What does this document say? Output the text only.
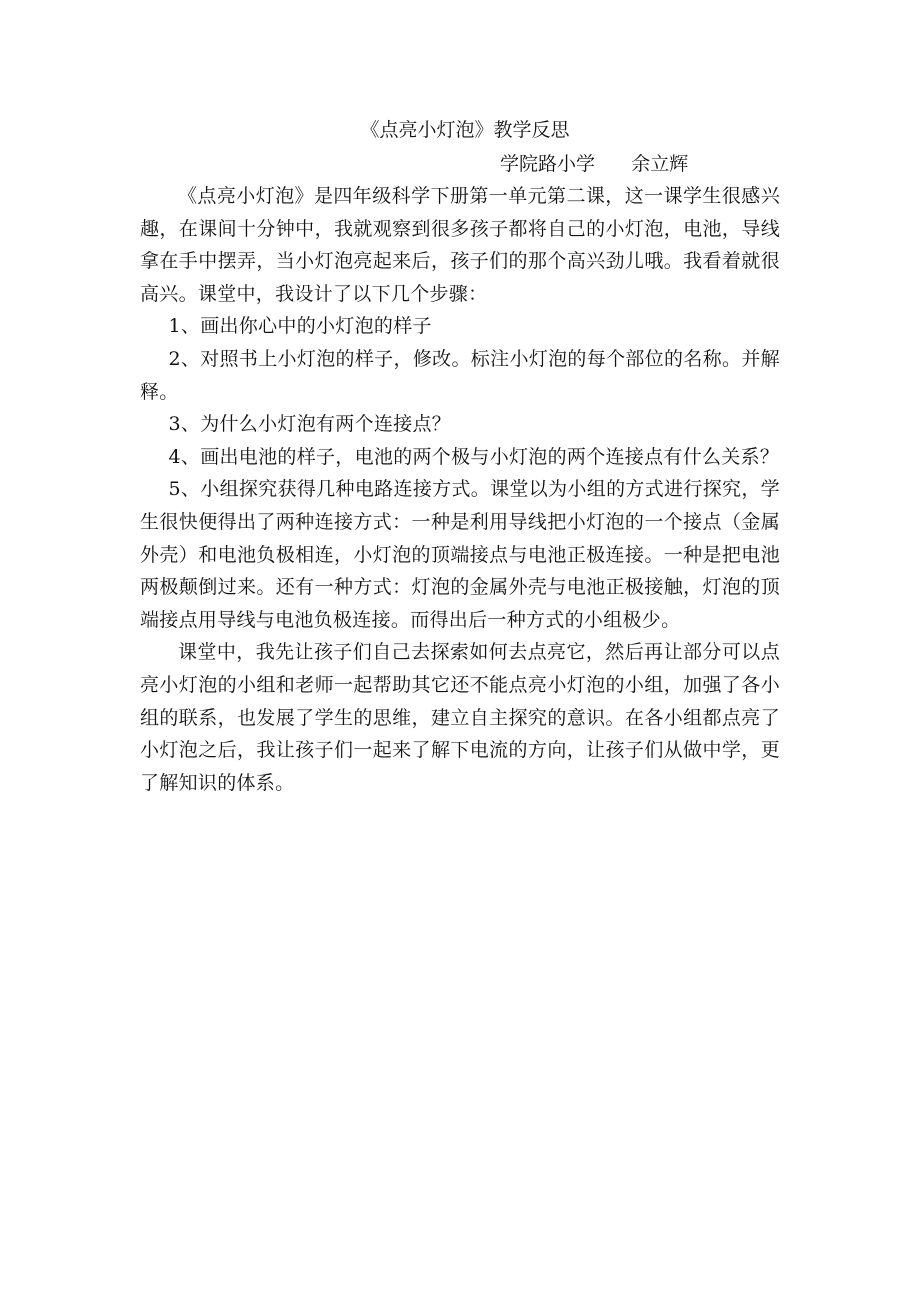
《点亮小灯泡》教学反思
学院路小学      余立辉

《点亮小灯泡》是四年级科学下册第一单元第二课，这一课学生很感兴趣，在课间十分钟中，我就观察到很多孩子都将自己的小灯泡，电池，导线拿在手中摆弄，当小灯泡亮起来后，孩子们的那个高兴劲儿哦。我看着就很高兴。课堂中，我设计了以下几个步骤：

1、画出你心中的小灯泡的样子

2、对照书上小灯泡的样子，修改。标注小灯泡的每个部位的名称。并解释。

3、为什么小灯泡有两个连接点？

4、画出电池的样子，电池的两个极与小灯泡的两个连接点有什么关系？

5、小组探究获得几种电路连接方式。课堂以为小组的方式进行探究，学生很快便得出了两种连接方式：一种是利用导线把小灯泡的一个接点（金属外壳）和电池负极相连，小灯泡的顶端接点与电池正极连接。一种是把电池两极颠倒过来。还有一种方式：灯泡的金属外壳与电池正极接触，灯泡的顶端接点用导线与电池负极连接。而得出后一种方式的小组极少。

课堂中，我先让孩子们自己去探索如何去点亮它，然后再让部分可以点亮小灯泡的小组和老师一起帮助其它还不能点亮小灯泡的小组，加强了各小组的联系，也发展了学生的思维，建立自主探究的意识。在各小组都点亮了小灯泡之后，我让孩子们一起来了解下电流的方向，让孩子们从做中学，更了解知识的体系。
